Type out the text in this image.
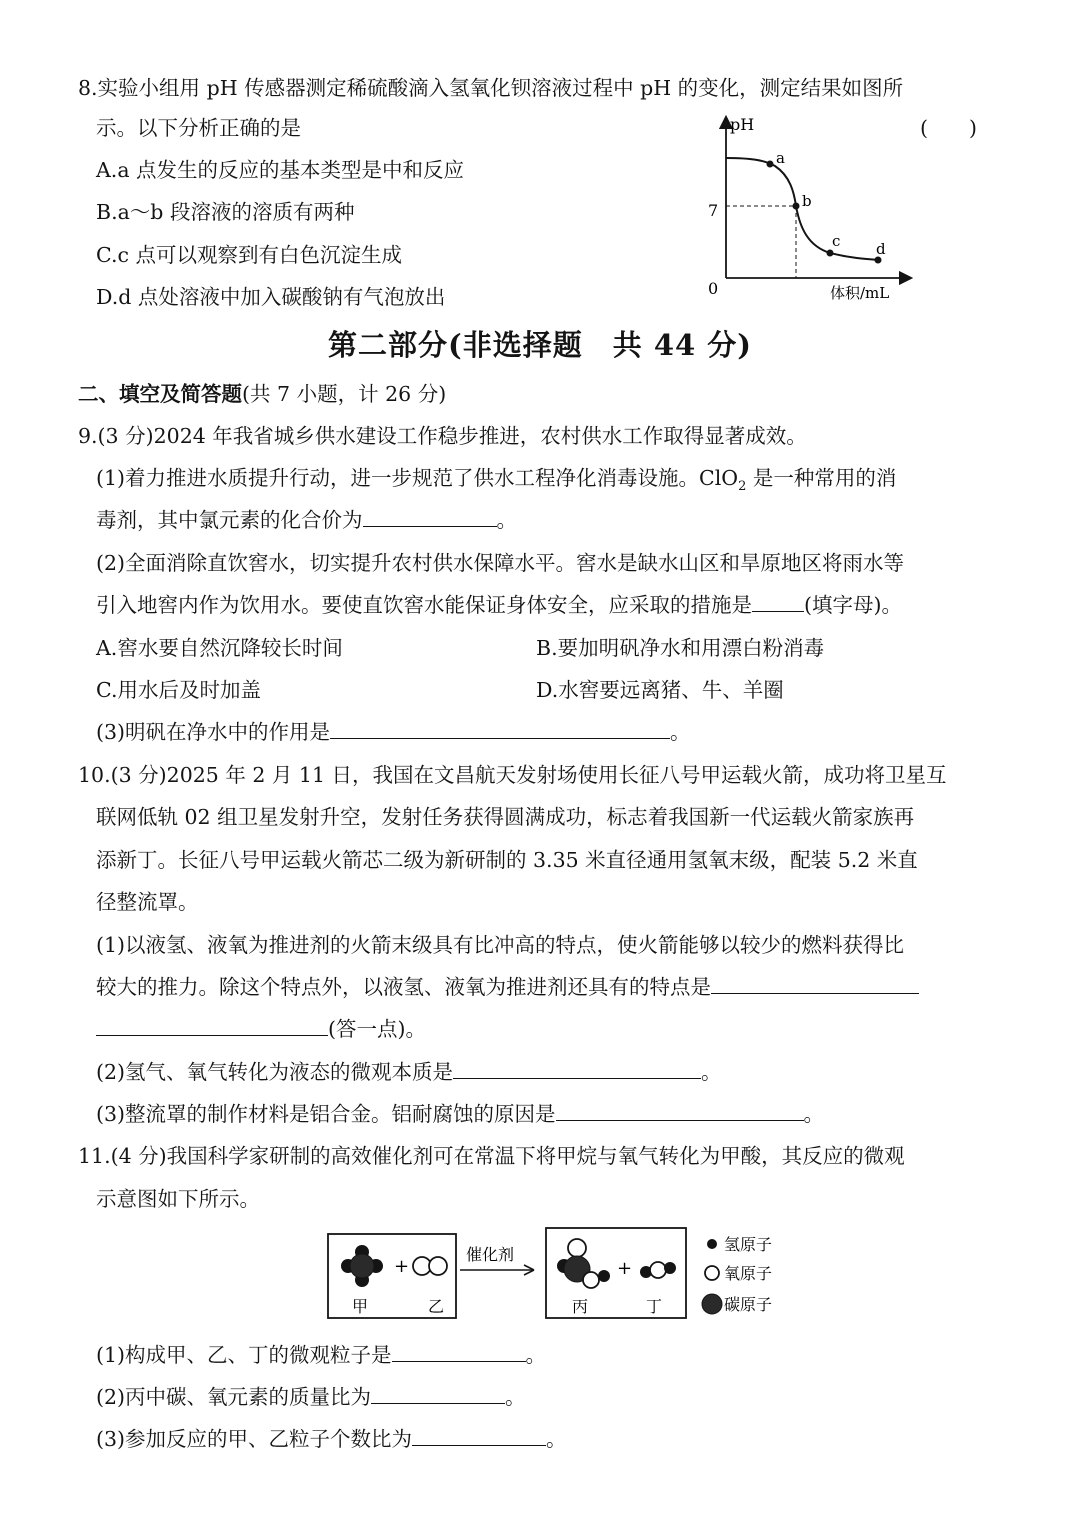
8.实验小组用 pH 传感器测定稀硫酸滴入氢氧化钡溶液过程中 pH 的变化，测定结果如图所
示。以下分析正确的是	(　　)
A.a 点发生的反应的基本类型是中和反应
B.a～b 段溶液的溶质有两种
C.c 点可以观察到有白色沉淀生成
D.d 点处溶液中加入碳酸钠有气泡放出
pH
体积/mL
0
7
a
b
c d
第二部分(非选择题　共 44 分)
二、填空及简答题(共 7 小题，计 26 分)
9.(3 分)2024 年我省城乡供水建设工作稳步推进，农村供水工作取得显著成效。
(1)着力推进水质提升行动，进一步规范了供水工程净化消毒设施。ClO$_2$ 是一种常用的消
毒剂，其中氯元素的化合价为	。
(2)全面消除直饮窖水，切实提升农村供水保障水平。窖水是缺水山区和旱原地区将雨水等
引入地窖内作为饮用水。要使直饮窖水能保证身体安全，应采取的措施是	(填字母)。
A.窖水要自然沉降较长时间	B.要加明矾净水和用漂白粉消毒
C.用水后及时加盖	D.水窖要远离猪、牛、羊圈
(3)明矾在净水中的作用是	。
10.(3 分)2025 年 2 月 11 日，我国在文昌航天发射场使用长征八号甲运载火箭，成功将卫星互
联网低轨 02 组卫星发射升空，发射任务获得圆满成功，标志着我国新一代运载火箭家族再
添新丁。长征八号甲运载火箭芯二级为新研制的 3.35 米直径通用氢氧末级，配装 5.2 米直
径整流罩。
(1)以液氢、液氧为推进剂的火箭末级具有比冲高的特点，使火箭能够以较少的燃料获得比
较大的推力。除这个特点外，以液氢、液氧为推进剂还具有的特点是
(答一点)。
(2)氢气、氧气转化为液态的微观本质是	。
(3)整流罩的制作材料是铝合金。铝耐腐蚀的原因是	。
11.(4 分)我国科学家研制的高效催化剂可在常温下将甲烷与氧气转化为甲酸，其反应的微观
示意图如下所示。
+
甲	乙
催化剂
+
丙	丁
氢原子
氧原子
碳原子
(1)构成甲、乙、丁的微观粒子是	。
(2)丙中碳、氧元素的质量比为	。
(3)参加反应的甲、乙粒子个数比为	。
